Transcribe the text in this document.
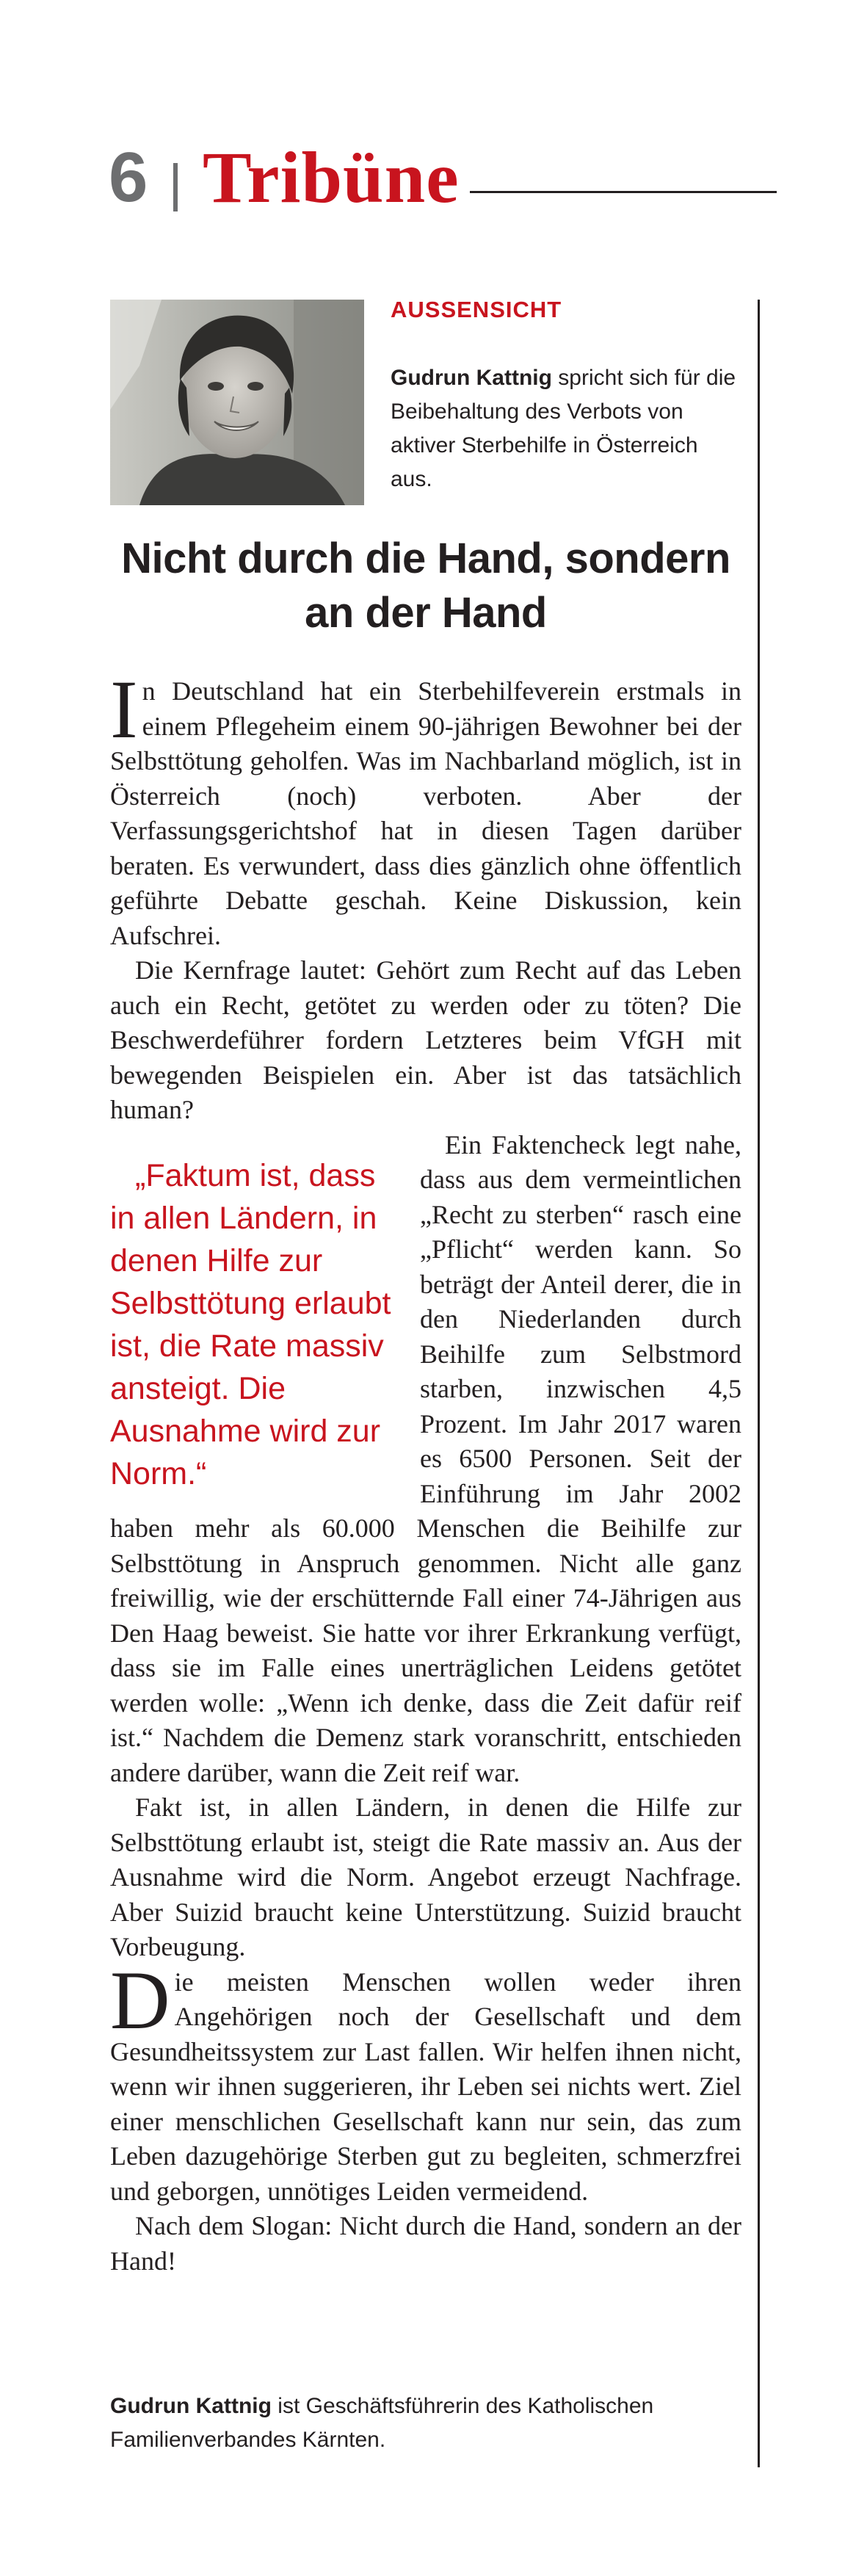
6 Tribüne
AUSSENSICHT
Gudrun Kattnig spricht sich für die Beibehaltung des Verbots von aktiver Sterbehilfe in Österreich aus.
Nicht durch die Hand, sondern an der Hand

In Deutschland hat ein Sterbehilfeverein erstmals in einem Pflegeheim einem 90-jährigen Bewohner bei der Selbsttötung geholfen. Was im Nachbarland möglich, ist in Österreich (noch) verboten. Aber der Verfassungsgerichtshof hat in diesen Tagen darüber beraten. Es verwundert, dass dies gänzlich ohne öffentlich geführte Debatte geschah. Keine Diskussion, kein Aufschrei.

Die Kernfrage lautet: Gehört zum Recht auf das Leben auch ein Recht, getötet zu werden oder zu töten? Die Beschwerdeführer fordern Letzteres beim VfGH mit bewegenden Beispielen ein. Aber ist das tatsächlich human?

„Faktum ist, dass in allen Ländern, in denen Hilfe zur Selbsttötung erlaubt ist, die Rate massiv ansteigt. Die Ausnahme wird zur Norm.“
Ein Faktencheck legt nahe, dass aus dem vermeintlichen „Recht zu sterben“ rasch eine „Pflicht“ werden kann. So beträgt der Anteil derer, die in den Niederlanden durch Beihilfe zum Selbstmord starben, inzwischen 4,5 Prozent. Im Jahr 2017 waren es 6500 Personen. Seit der Einführung im Jahr 2002 haben mehr als 60.000 Menschen die Beihilfe zur Selbsttötung in Anspruch genommen. Nicht alle ganz freiwillig, wie der erschütternde Fall einer 74-Jährigen aus Den Haag beweist. Sie hatte vor ihrer Erkrankung verfügt, dass sie im Falle eines unerträglichen Leidens getötet werden wolle: „Wenn ich denke, dass die Zeit dafür reif ist.“ Nachdem die Demenz stark voranschritt, entschieden andere darüber, wann die Zeit reif war.

Fakt ist, in allen Ländern, in denen die Hilfe zur Selbsttötung erlaubt ist, steigt die Rate massiv an. Aus der Ausnahme wird die Norm. Angebot erzeugt Nachfrage. Aber Suizid braucht keine Unterstützung. Suizid braucht Vorbeugung.

Die meisten Menschen wollen weder ihren Angehörigen noch der Gesellschaft und dem Gesundheitssystem zur Last fallen. Wir helfen ihnen nicht, wenn wir ihnen suggerieren, ihr Leben sei nichts wert. Ziel einer menschlichen Gesellschaft kann nur sein, das zum Leben dazugehörige Sterben gut zu begleiten, schmerzfrei und geborgen, unnötiges Leiden vermeidend.

Nach dem Slogan: Nicht durch die Hand, sondern an der Hand!

Gudrun Kattnig ist Geschäftsführerin des Katholischen Familienverbandes Kärnten.
